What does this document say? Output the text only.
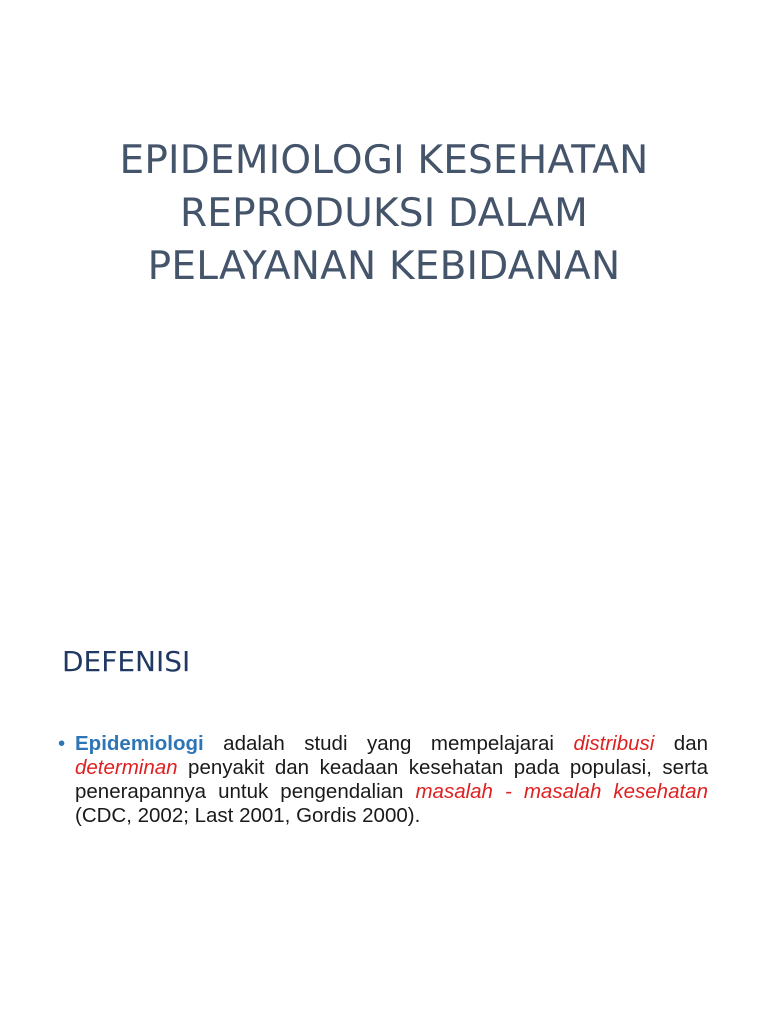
EPIDEMIOLOGI KESEHATAN
REPRODUKSI DALAM
PELAYANAN KEBIDANAN
DEFENISI
• Epidemiologi adalah studi yang mempelajarai distribusi dan determinan penyakit dan keadaan kesehatan pada populasi, serta penerapannya untuk pengendalian masalah - masalah kesehatan (CDC, 2002; Last 2001, Gordis 2000).
